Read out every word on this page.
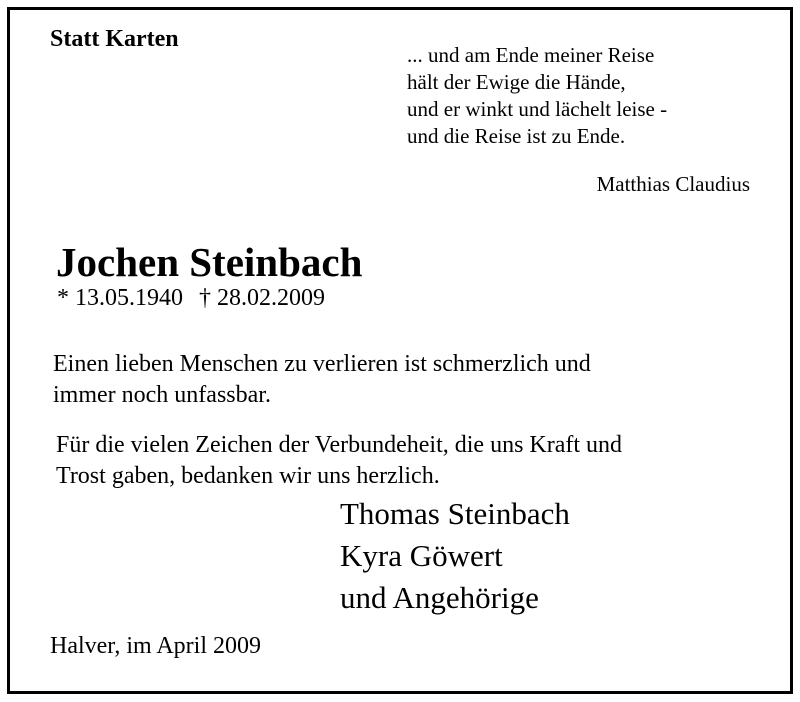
Statt Karten
... und am Ende meiner Reise
hält der Ewige die Hände,
und er winkt und lächelt leise -
und die Reise ist zu Ende.
Matthias Claudius
Jochen Steinbach
* 13.05.1940 † 28.02.2009
Einen lieben Menschen zu verlieren ist schmerzlich und
immer noch unfassbar.
Für die vielen Zeichen der Verbundeheit, die uns Kraft und
Trost gaben, bedanken wir uns herzlich.
Thomas Steinbach
Kyra Göwert
und Angehörige
Halver, im April 2009
